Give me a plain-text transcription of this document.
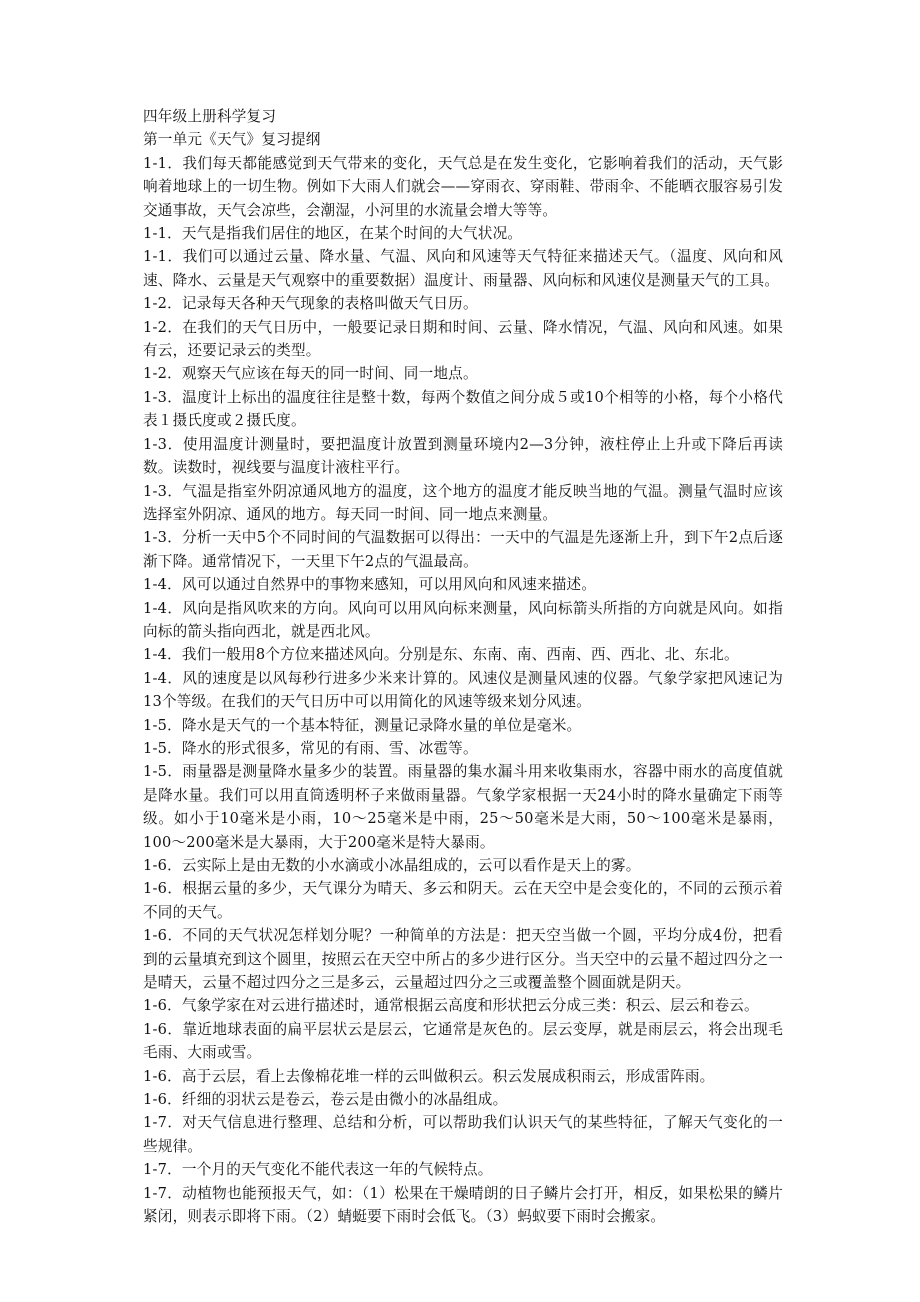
四年级上册科学复习

第一单元《天气》复习提纲

1-1．我们每天都能感觉到天气带来的变化，天气总是在发生变化，它影响着我们的活动，天气影响着地球上的一切生物。例如下大雨人们就会——穿雨衣、穿雨鞋、带雨伞、不能晒衣服容易引发交通事故，天气会凉些，会潮湿，小河里的水流量会增大等等。

1-1．天气是指我们居住的地区，在某个时间的大气状况。

1-1．我们可以通过云量、降水量、气温、风向和风速等天气特征来描述天气。（温度、风向和风速、降水、云量是天气观察中的重要数据）温度计、雨量器、风向标和风速仪是测量天气的工具。

1-2．记录每天各种天气现象的表格叫做天气日历。

1-2．在我们的天气日历中，一般要记录日期和时间、云量、降水情况，气温、风向和风速。如果有云，还要记录云的类型。

1-2．观察天气应该在每天的同一时间、同一地点。

1-3．温度计上标出的温度往往是整十数，每两个数值之间分成５或10个相等的小格，每个小格代表１摄氏度或２摄氏度。

1-3．使用温度计测量时，要把温度计放置到测量环境内2—3分钟，液柱停止上升或下降后再读数。读数时，视线要与温度计液柱平行。

1-3．气温是指室外阴凉通风地方的温度，这个地方的温度才能反映当地的气温。测量气温时应该选择室外阴凉、通风的地方。每天同一时间、同一地点来测量。

1-3．分析一天中5个不同时间的气温数据可以得出：一天中的气温是先逐渐上升，到下午2点后逐渐下降。通常情况下，一天里下午2点的气温最高。

1-4．风可以通过自然界中的事物来感知，可以用风向和风速来描述。

1-4．风向是指风吹来的方向。风向可以用风向标来测量，风向标箭头所指的方向就是风向。如指向标的箭头指向西北，就是西北风。

1-4．我们一般用8个方位来描述风向。分别是东、东南、南、西南、西、西北、北、东北。

1-4．风的速度是以风每秒行进多少米来计算的。风速仪是测量风速的仪器。气象学家把风速记为13个等级。在我们的天气日历中可以用简化的风速等级来划分风速。

1-5．降水是天气的一个基本特征，测量记录降水量的单位是毫米。

1-5．降水的形式很多，常见的有雨、雪、冰雹等。

1-5．雨量器是测量降水量多少的装置。雨量器的集水漏斗用来收集雨水，容器中雨水的高度值就是降水量。我们可以用直筒透明杯子来做雨量器。气象学家根据一天24小时的降水量确定下雨等级。如小于10毫米是小雨，10～25毫米是中雨，25～50毫米是大雨，50～100毫米是暴雨，100～200毫米是大暴雨，大于200毫米是特大暴雨。

1-6．云实际上是由无数的小水滴或小冰晶组成的，云可以看作是天上的雾。

1-6．根据云量的多少，天气课分为晴天、多云和阴天。云在天空中是会变化的，不同的云预示着不同的天气。

1-6．不同的天气状况怎样划分呢？一种简单的方法是：把天空当做一个圆，平均分成4份，把看到的云量填充到这个圆里，按照云在天空中所占的多少进行区分。当天空中的云量不超过四分之一是晴天，云量不超过四分之三是多云，云量超过四分之三或覆盖整个圆面就是阴天。

1-6．气象学家在对云进行描述时，通常根据云高度和形状把云分成三类：积云、层云和卷云。

1-6．靠近地球表面的扁平层状云是层云，它通常是灰色的。层云变厚，就是雨层云，将会出现毛毛雨、大雨或雪。

1-6．高于云层，看上去像棉花堆一样的云叫做积云。积云发展成积雨云，形成雷阵雨。

1-6．纤细的羽状云是卷云，卷云是由微小的冰晶组成。

1-7．对天气信息进行整理、总结和分析，可以帮助我们认识天气的某些特征，了解天气变化的一些规律。

1-7．一个月的天气变化不能代表这一年的气候特点。

1-7．动植物也能预报天气，如：（1）松果在干燥晴朗的日子鳞片会打开，相反，如果松果的鳞片紧闭，则表示即将下雨。（2）蜻蜓要下雨时会低飞。（3）蚂蚁要下雨时会搬家。
